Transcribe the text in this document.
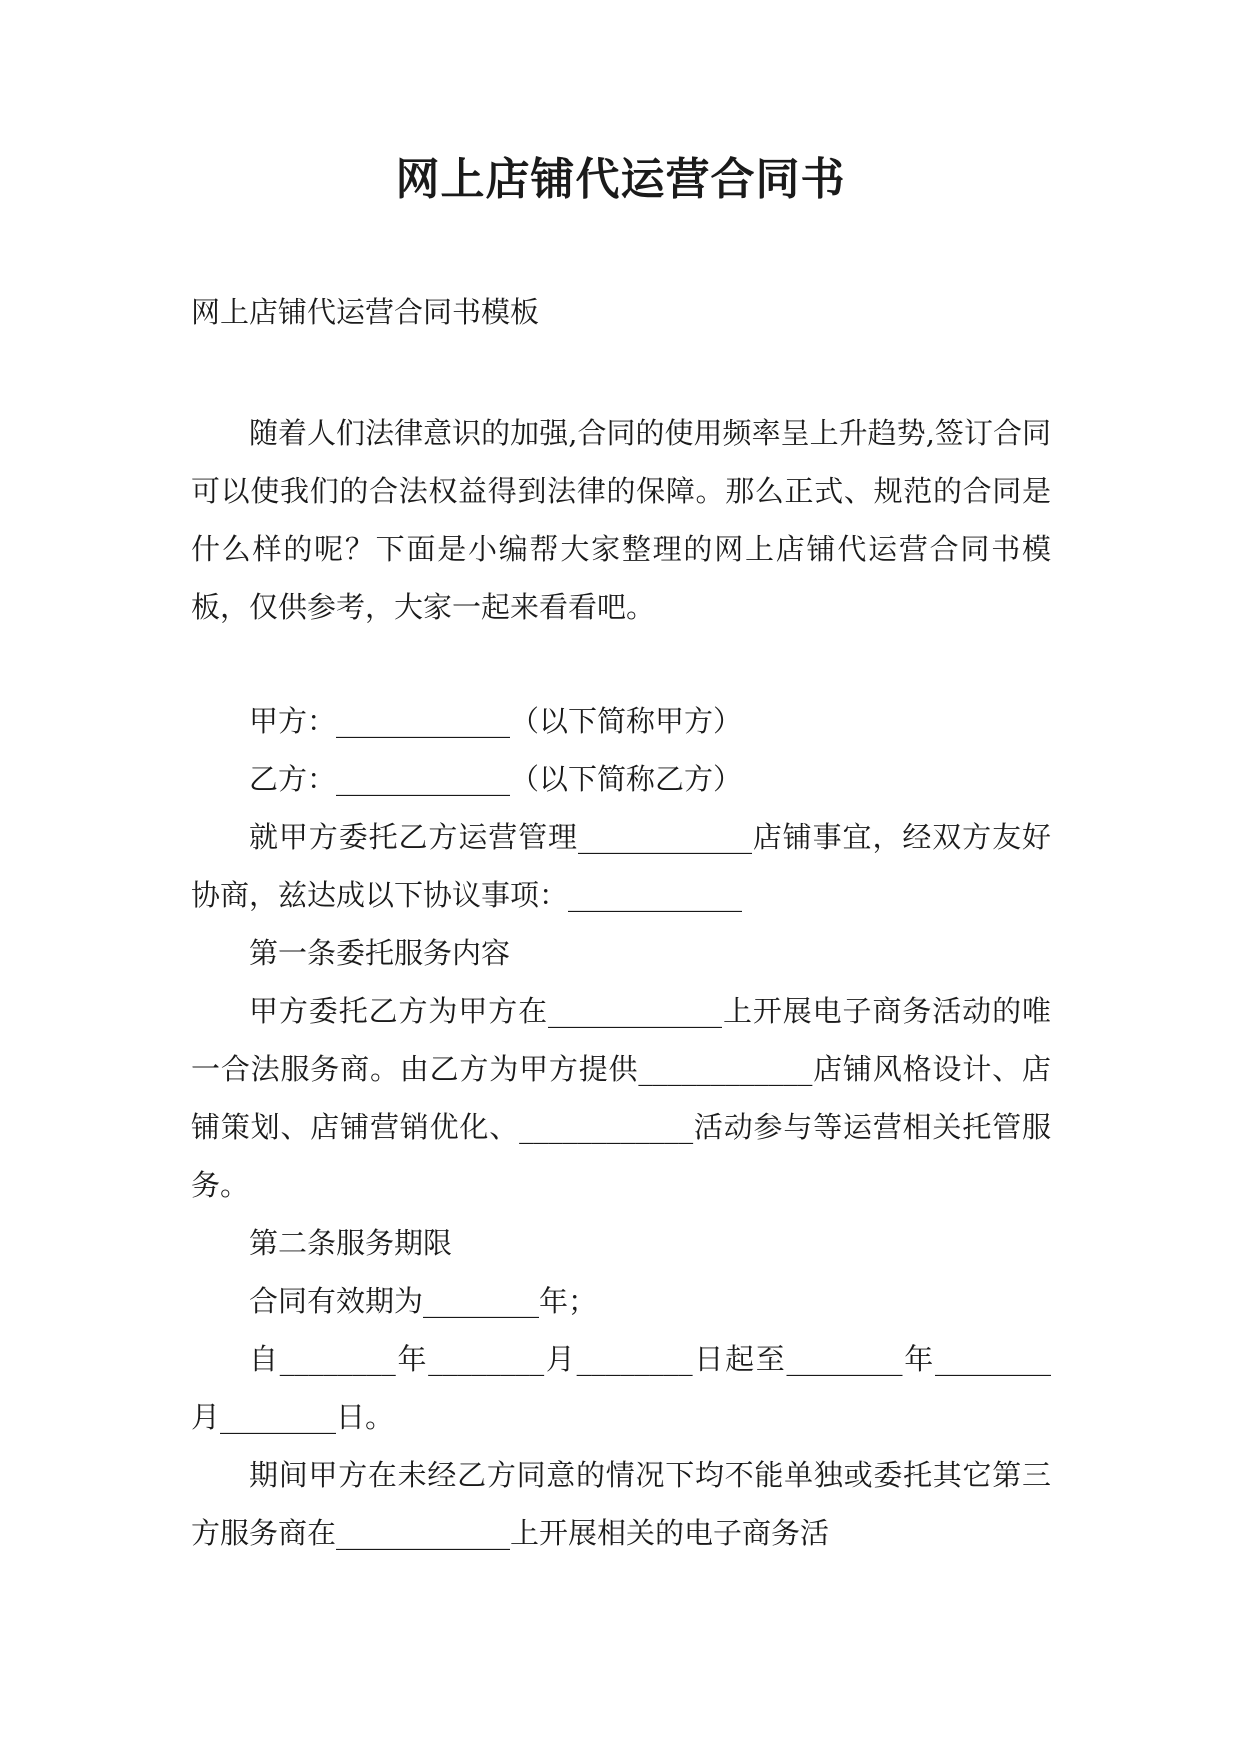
网上店铺代运营合同书
网上店铺代运营合同书模板

随着人们法律意识的加强,合同的使用频率呈上升趋势,签订合同可以使我们的合法权益得到法律的保障。那么正式、规范的合同是什么样的呢？下面是小编帮大家整理的网上店铺代运营合同书模板，仅供参考，大家一起来看看吧。

甲方：____________（以下简称甲方）

乙方：____________（以下简称乙方）

就甲方委托乙方运营管理____________店铺事宜，经双方友好协商，兹达成以下协议事项：____________

第一条委托服务内容

甲方委托乙方为甲方在____________上开展电子商务活动的唯一合法服务商。由乙方为甲方提供____________店铺风格设计、店铺策划、店铺营销优化、____________活动参与等运营相关托管服务。

第二条服务期限

合同有效期为________年；

自________年________月________日起至________年________月________日。

期间甲方在未经乙方同意的情况下均不能单独或委托其它第三方服务商在____________上开展相关的电子商务活
